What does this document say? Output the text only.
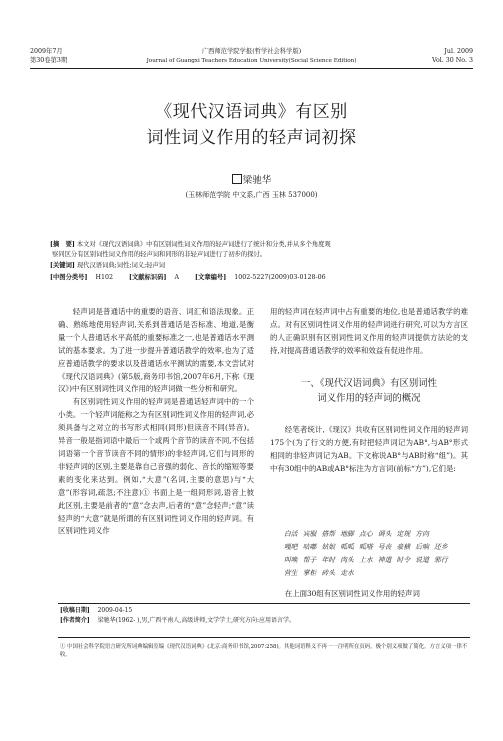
2009年7月
第30卷第3期
广西师范学院学报(哲学社会科学版)
Journal of Guangxi Teachers Education University(Social Science Edition)
Jul. 2009
Vol. 30 No. 3
《现代汉语词典》有区别
词性词义作用的轻声词初探
梁驰华
(玉林师范学院 中文系,广西 玉林 537000)
[摘　要] 本文对《现代汉语词典》中有区别词性词义作用的轻声词进行了统计和分类,并从多个角度观
察同区分有区别词性词义作用的轻声词和同形的非轻声词进行了初步的探讨。
[关键词] 现代汉语词典;词性;词义;轻声词
[中图分类号] H102	[文献标识码] A	[文章编号] 1002-5227(2009)03-0128-06

轻声词是普通话中的重要的语音、词汇和语法现象。正确、熟练地使用轻声词,关系到普通话是否标准、地道,是衡量一个人普通话水平高低的重要标准之一,也是普通话水平测试的基本要求。为了进一步提升普通话教学的效率,也为了适应普通话教学的要求以及普通话水平测试的需要,本文尝试对《现代汉语词典》(第5版,商务印书馆,2007年6月,下称《现汉》)中有区别词性词义作用的轻声词做一些分析和研究。

有区别词性词义作用的轻声词是普通话轻声词中的一个小类。一个轻声词能称之为有区别词性词义作用的轻声词,必须具备与之对立的书写形式相同(同形)但读音不同(异音)。异音一般是指词语中最后一个或两个音节的读音不同,不包括词语第一个音节读音不同的情形)的非轻声词,它们与同形的非轻声词的区别,主要是靠自己音强的弱化、音长的缩短等要素的变化来达到。例如,“大意”(名词,主要的意思)与“大意”(形容词,疏忽;不注意)① 书面上是一组同形词,语音上彼此区别,主要是前者的“意”念去声,后者的“意”念轻声;“意”读轻声的“大意”就是所谓的有区别词性词义作用的轻声词。有区别词性词义作

用的轻声词在轻声词中占有重要的地位,也是普通话教学的难点。对有区别词性词义作用的轻声词进行研究,可以为方言区的人正确识别有区别词性词义作用的轻声词提供方法论的支持,对提高普通话教学的效率和效益有促进作用。

一、《现代汉语词典》有区别词性
词义作用的轻声词的概况

经笔者统计,《现汉》共收有区别词性词义作用的轻声词175个(为了行文的方便,有时把轻声词记为AB°,与AB°形式相同的非轻声词记为AB。下文称说AB°与AB时称“组”)。其中有30组中的AB或AB°标注为方言词(前标“方”),它们是:

白活 宾服 搭帮 地脚 点心 调头 定规 方向
嘎吧 咕嘟 姑娘 呱呱 呱嗒 号丧 豪横 后晌 还乡
叫唤 帮子 年时 肉头 上水 神道 时令 说道 邪行
营生 掌柜 砖头 走水

在上面30组有区别词性词义作用的轻声词

[收稿日期] 2009-04-15
[作者简介] 梁驰华(1962- ),男,广西平南人,高级讲师,文学学士,研究方向:应用语言学。
① 中国社会科学院语言研究所词典编辑室编《现代汉语词典》(北京:商务印书馆,2007:258)。其他词语释义不再一一注明所在页码。极个别义项做了简化。方言义项一律不收。
